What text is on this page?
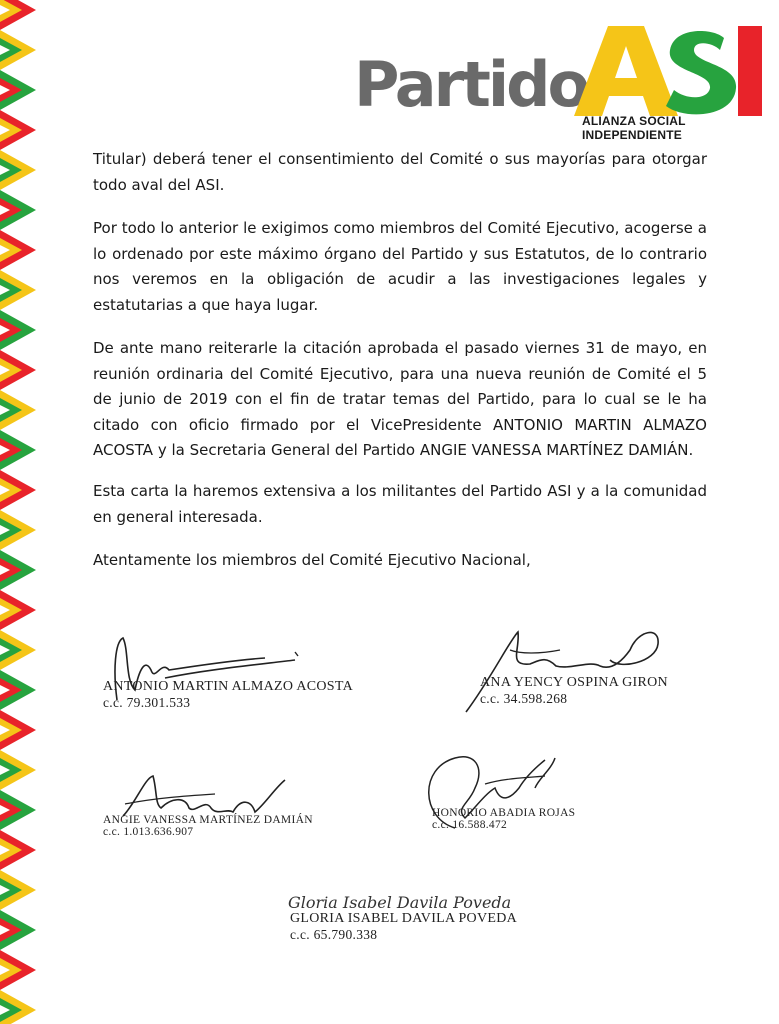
Partido
ALIANZA SOCIAL INDEPENDIENTE

Titular) deberá tener el consentimiento del Comité o sus mayorías para otorgar todo aval del ASI.

Por todo lo anterior le exigimos como miembros del Comité Ejecutivo, acogerse a lo ordenado por este máximo órgano del Partido y sus Estatutos, de lo contrario nos veremos en la obligación de acudir a las investigaciones legales y estatutarias a que haya lugar.

De ante mano reiterarle la citación aprobada el pasado viernes 31 de mayo, en reunión ordinaria del Comité Ejecutivo, para una nueva reunión de Comité el 5 de junio de 2019 con el fin de tratar temas del Partido, para lo cual se le ha citado con oficio firmado por el VicePresidente ANTONIO MARTIN ALMAZO ACOSTA y la Secretaria General del Partido ANGIE VANESSA MARTÍNEZ DAMIÁN.

Esta carta la haremos extensiva a los militantes del Partido ASI y a la comunidad en general interesada.

Atentamente los miembros del Comité Ejecutivo Nacional,

ANTONIO MARTIN ALMAZO ACOSTA
c.c. 79.301.533
ANA YENCY OSPINA GIRON
c.c. 34.598.268
ANGIE VANESSA MARTÍNEZ DAMIÁN
c.c. 1.013.636.907
HONORIO ABADIA ROJAS
c.c. 16.588.472
Gloria Isabel Davila Poveda
GLORIA ISABEL DAVILA POVEDA
c.c. 65.790.338
